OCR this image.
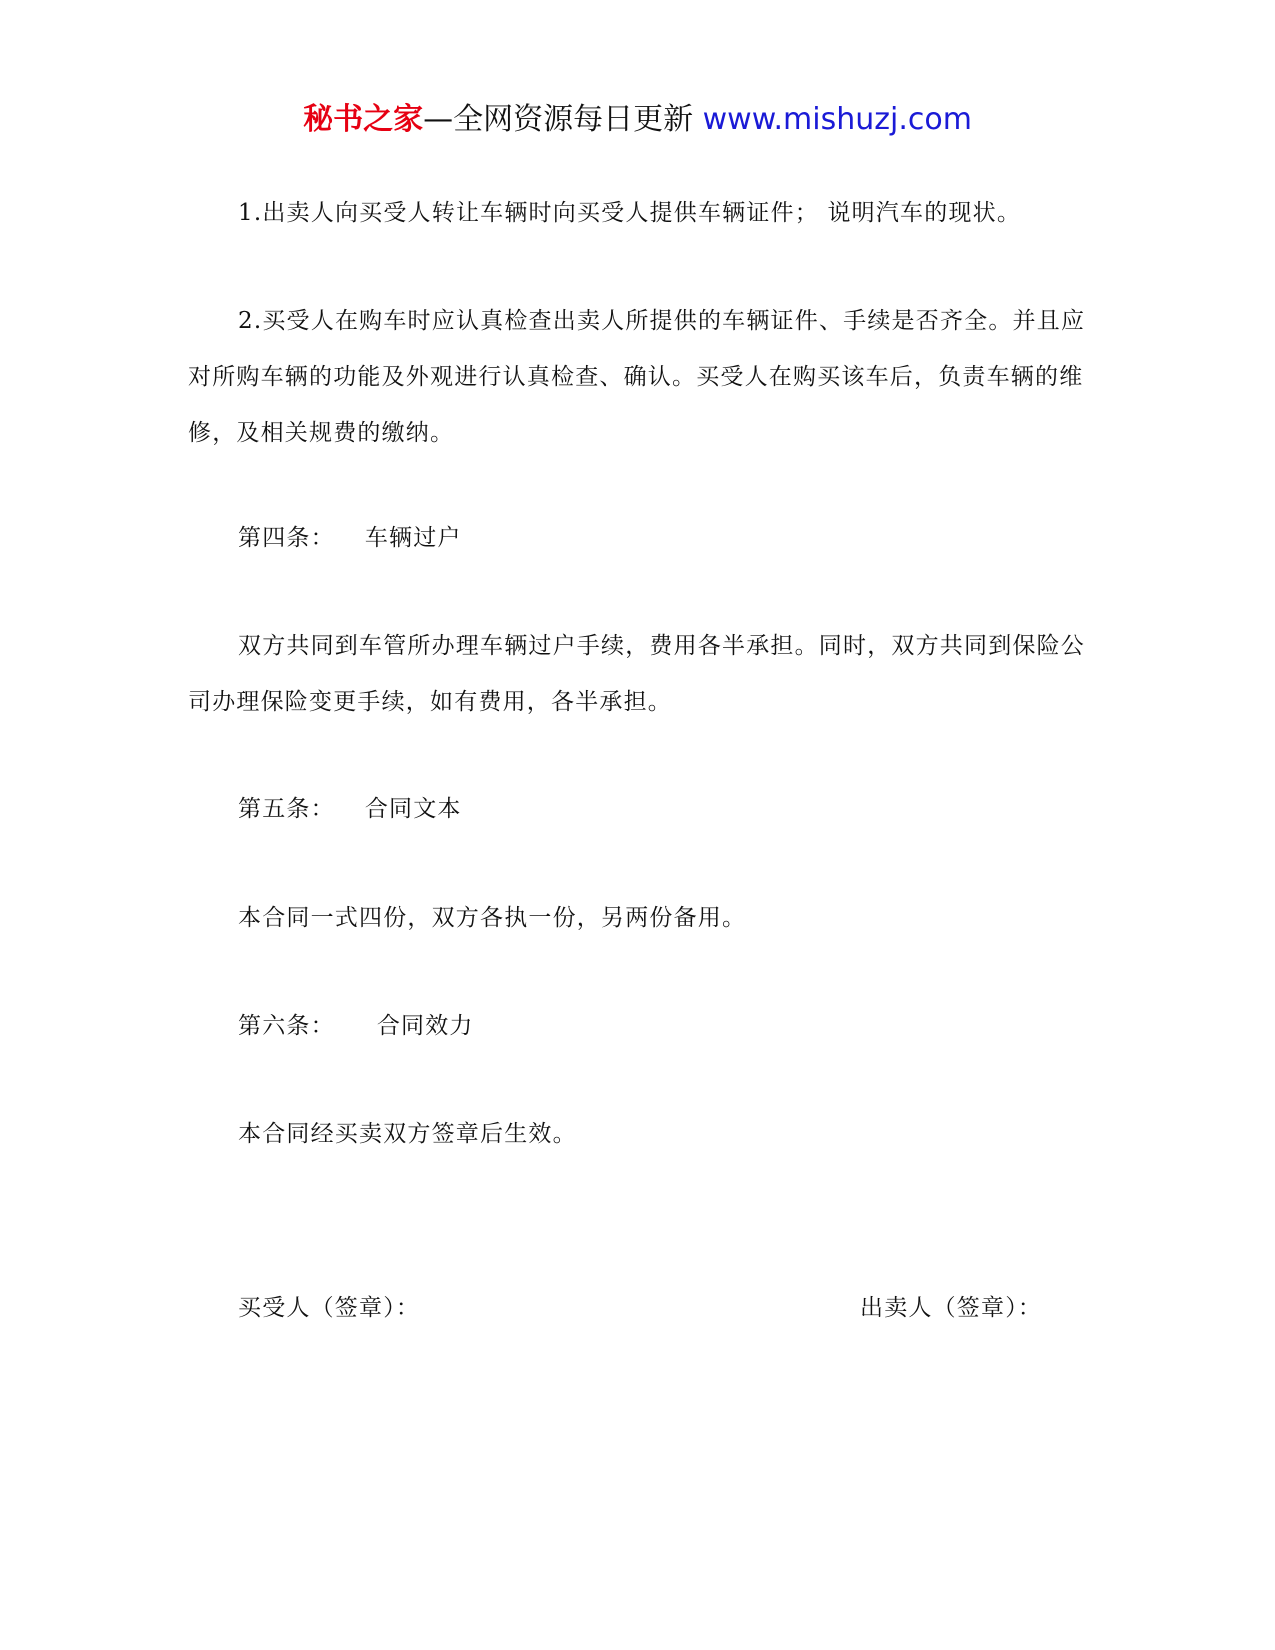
秘书之家—全网资源每日更新 www.mishuzj.com

1.出卖人向买受人转让车辆时向买受人提供车辆证件； 说明汽车的现状。

2.买受人在购车时应认真检查出卖人所提供的车辆证件、手续是否齐全。并且应对所购车辆的功能及外观进行认真检查、确认。买受人在购买该车后，负责车辆的维修，及相关规费的缴纳。

第四条： 车辆过户

双方共同到车管所办理车辆过户手续，费用各半承担。同时，双方共同到保险公司办理保险变更手续，如有费用，各半承担。

第五条： 合同文本

本合同一式四份，双方各执一份，另两份备用。

第六条： 合同效力

本合同经买卖双方签章后生效。

买受人（签章）：	出卖人（签章）：
